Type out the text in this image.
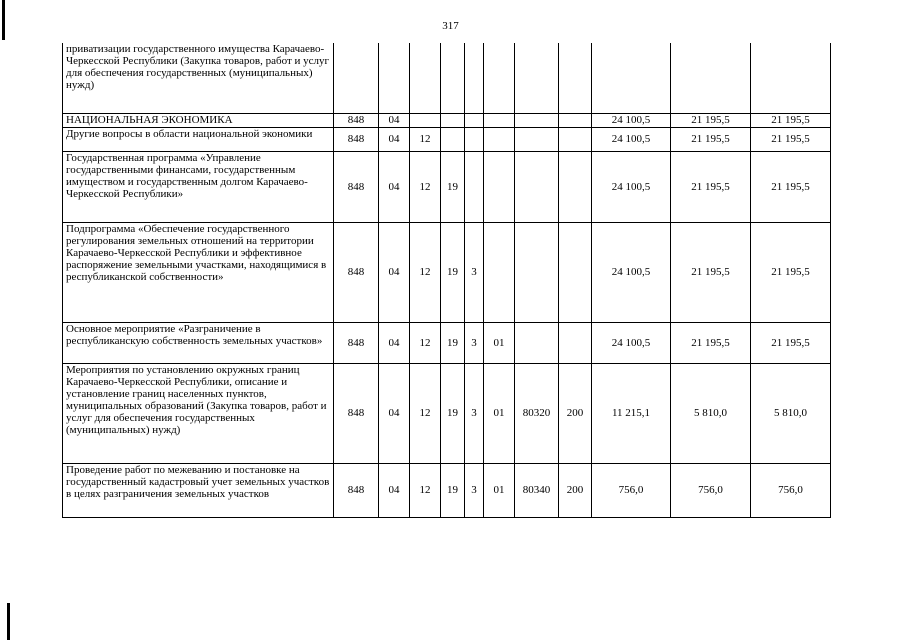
317
приватизации государственного имущества Карачаево-Черкесской Республики (Закупка товаров, работ и услуг для обеспечения государственных (муниципальных) нужд)											
НАЦИОНАЛЬНАЯ ЭКОНОМИКА	848	04							24 100,5	21 195,5	21 195,5
Другие вопросы в области национальной экономики	848	04	12						24 100,5	21 195,5	21 195,5
Государственная программа «Управление государственными финансами, государственным имуществом и государственным долгом Карачаево-Черкесской Республики»	848	04	12	19					24 100,5	21 195,5	21 195,5
Подпрограмма «Обеспечение государственного регулирования земельных отношений на территории Карачаево-Черкесской Республики и эффективное распоряжение земельными участками, находящимися в республиканской собственности»	848	04	12	19	3				24 100,5	21 195,5	21 195,5
Основное мероприятие «Разграничение в республиканскую собственность земельных участков»	848	04	12	19	3	01			24 100,5	21 195,5	21 195,5
Мероприятия по установлению окружных границ Карачаево-Черкесской Республики, описание и установление границ населенных пунктов, муниципальных образований (Закупка товаров, работ и услуг для обеспечения государственных (муниципальных) нужд)	848	04	12	19	3	01	80320	200	11 215,1	5 810,0	5 810,0
Проведение работ по межеванию и постановке на государственный кадастровый учет земельных участков в целях разграничения земельных участков	848	04	12	19	3	01	80340	200	756,0	756,0	756,0
